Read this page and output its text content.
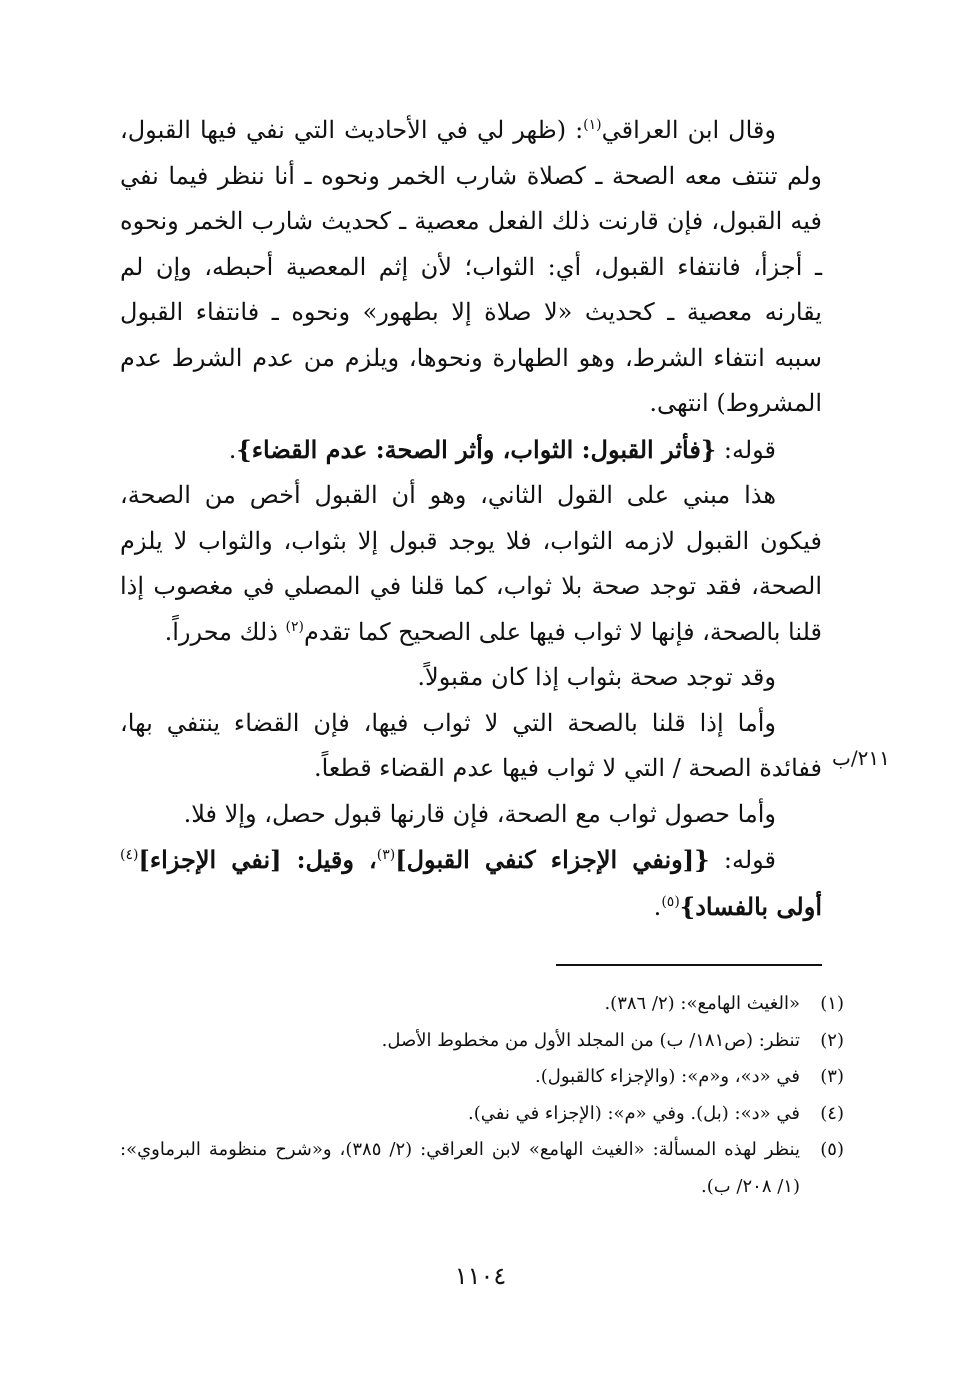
وقال ابن العراقي$^{(١)}$: (ظهر لي في الأحاديث التي نفي فيها القبول، ولم تنتف معه الصحة ـ كصلاة شارب الخمر ونحوه ـ أنا ننظر فيما نفي فيه القبول، فإن قارنت ذلك الفعل معصية ـ كحديث شارب الخمر ونحوه ـ أجزأ، فانتفاء القبول، أي: الثواب؛ لأن إثم المعصية أحبطه، وإن لم يقارنه معصية ـ كحديث «لا صلاة إلا بطهور» ونحوه ـ فانتفاء القبول سببه انتفاء الشرط، وهو الطهارة ونحوها، ويلزم من عدم الشرط عدم المشروط) انتهى.

قوله: {فأثر القبول: الثواب، وأثر الصحة: عدم القضاء}.

هذا مبني على القول الثاني، وهو أن القبول أخص من الصحة، فيكون القبول لازمه الثواب، فلا يوجد قبول إلا بثواب، والثواب لا يلزم الصحة، فقد توجد صحة بلا ثواب، كما قلنا في المصلي في مغصوب إذا قلنا بالصحة، فإنها لا ثواب فيها على الصحيح كما تقدم$^{(٢)}$ ذلك محرراً.

وقد توجد صحة بثواب إذا كان مقبولاً.

وأما إذا قلنا بالصحة التي لا ثواب فيها، فإن القضاء ينتفي بها، ففائدة الصحة / التي لا ثواب فيها عدم القضاء قطعاً.

وأما حصول ثواب مع الصحة، فإن قارنها قبول حصل، وإلا فلا.

قوله: {[ونفي الإجزاء كنفي القبول]$^{(٣)}$، وقيل: [نفي الإجزاء]$^{(٤)}$ أولى بالفساد}$^{(٥)}$.

٢١١/ب
(١)
«الغيث الهامع»: (٢/ ٣٨٦).
(٢)
تنظر: (ص١٨١/ ب) من المجلد الأول من مخطوط الأصل.
(٣)
في «د»، و«م»: (والإجزاء كالقبول).
(٤)
في «د»: (بل). وفي «م»: (الإجزاء في نفي).
(٥)
ينظر لهذه المسألة: «الغيث الهامع» لابن العراقي: (٢/ ٣٨٥)، و«شرح منظومة البرماوي»: (١/ ٢٠٨/ ب).
١١٠٤
